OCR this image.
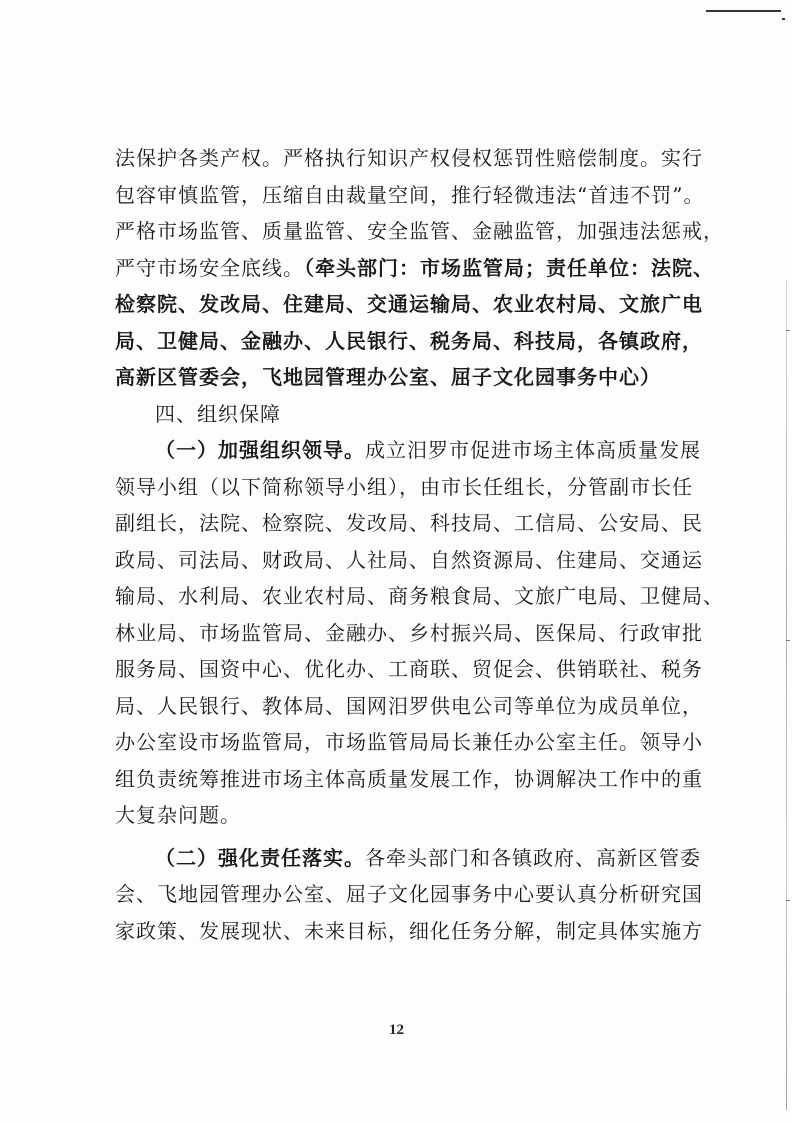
法保护各类产权。严格执行知识产权侵权惩罚性赔偿制度。实行
包容审慎监管，压缩自由裁量空间，推行轻微违法“首违不罚”。
严格市场监管、质量监管、安全监管、金融监管，加强违法惩戒，
严守市场安全底线。（牵头部门：市场监管局；责任单位：法院、
检察院、发改局、住建局、交通运输局、农业农村局、文旅广电
局、卫健局、金融办、人民银行、税务局、科技局，各镇政府，
高新区管委会，飞地园管理办公室、屈子文化园事务中心）
四、组织保障
（一）加强组织领导。成立汨罗市促进市场主体高质量发展
领导小组（以下简称领导小组），由市长任组长，分管副市长任
副组长，法院、检察院、发改局、科技局、工信局、公安局、民
政局、司法局、财政局、人社局、自然资源局、住建局、交通运
输局、水利局、农业农村局、商务粮食局、文旅广电局、卫健局、
林业局、市场监管局、金融办、乡村振兴局、医保局、行政审批
服务局、国资中心、优化办、工商联、贸促会、供销联社、税务
局、人民银行、教体局、国网汨罗供电公司等单位为成员单位，
办公室设市场监管局，市场监管局局长兼任办公室主任。领导小
组负责统筹推进市场主体高质量发展工作，协调解决工作中的重
大复杂问题。
（二）强化责任落实。各牵头部门和各镇政府、高新区管委
会、飞地园管理办公室、屈子文化园事务中心要认真分析研究国
家政策、发展现状、未来目标，细化任务分解，制定具体实施方
12
